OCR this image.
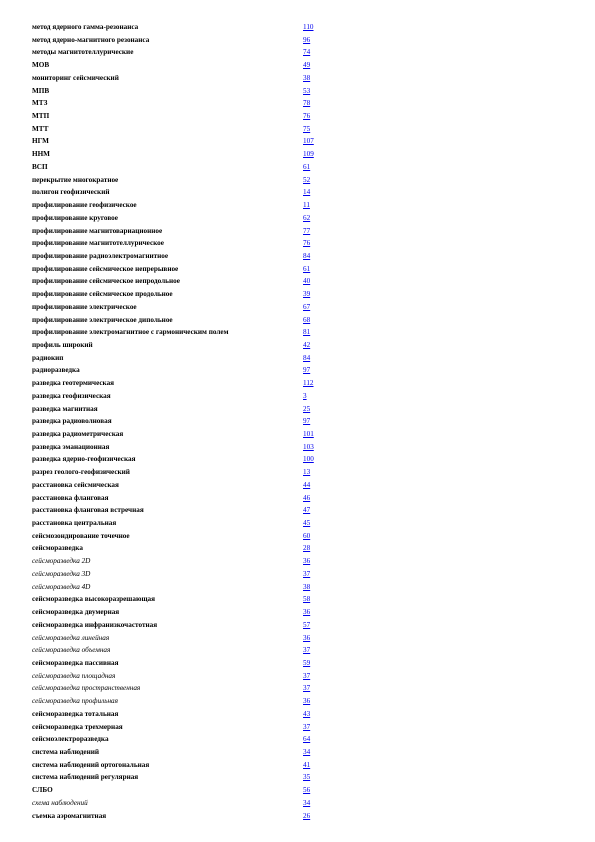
метод ядерного гамма-резонанса	110
метод ядерно-магнитного резонанса	96
методы магнитотеллурические	74
МОВ	49
мониторинг сейсмический	38
МПВ	53
МТЗ	78
МТП	76
МТТ	75
НГМ	107
ННМ	109
ВСП	61
перекрытие многократное	52
полигон геофизический	14
профилирование геофизическое	11
профилирование круговое	62
профилирование магнитовариационное	77
профилирование магнитотеллурическое	76
профилирование радиоэлектромагнитное	84
профилирование сейсмическое непрерывное	61
профилирование сейсмическое непродольное	40
профилирование сейсмическое продольное	39
профилирование электрическое	67
профилирование электрическое дипольное	68
профилирование электромагнитное с гармоническим полем	81
профиль широкий	42
радиокип	84
радиоразведка	97
разведка геотермическая	112
разведка геофизическая	3
разведка магнитная	25
разведка радиоволновая	97
разведка радиометрическая	101
разведка эманационная	103
разведка ядерно-геофизическая	100
разрез геолого-геофизический	13
расстановка сейсмическая	44
расстановка фланговая	46
расстановка фланговая встречная	47
расстановка центральная	45
сейсмозондирование точечное	60
сейсморазведка	28
сейсморазведка 2D	36
сейсморазведка 3D	37
сейсморазведка 4D	38
сейсморазведка высокоразрешающая	58
сейсморазведка двумерная	36
сейсморазведка инфранизкочастотная	57
сейсморазведка линейная	36
сейсморазведка объемная	37
сейсморазведка пассивная	59
сейсморазведка площадная	37
сейсморазведка пространственная	37
сейсморазведка профильная	36
сейсморазведка тотальная	43
сейсморазведка трехмерная	37
сейсмоэлектроразведка	64
система наблюдений	34
система наблюдений ортогональная	41
система наблюдений регулярная	35
СЛБО	56
схема наблюдений	34
съемка аэромагнитная	26
